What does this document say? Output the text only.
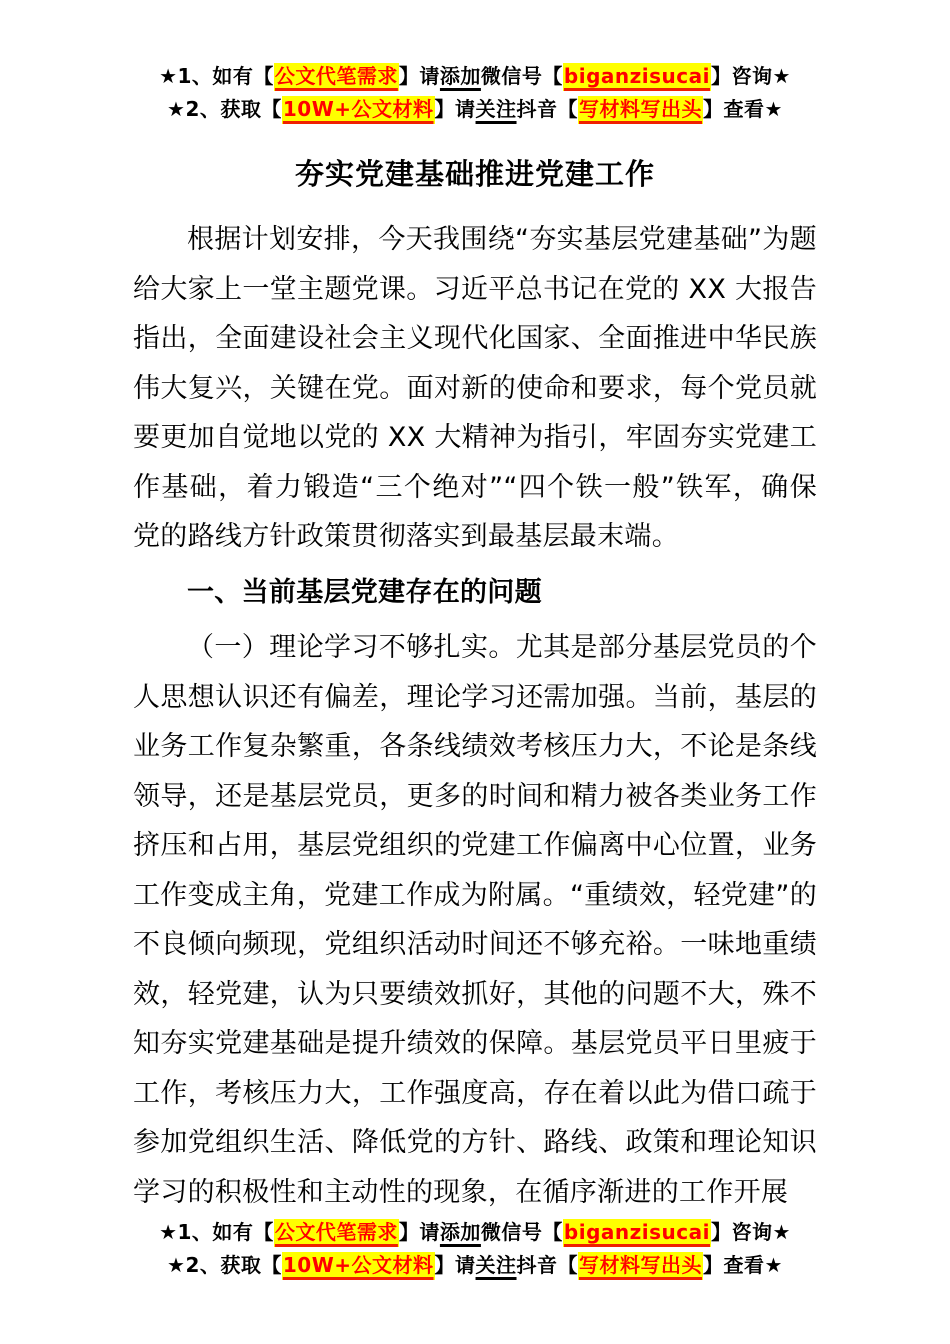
★1、如有【公文代笔需求】请添加微信号【biganzisucai】咨询★
★2、获取【10W+公文材料】请关注抖音【写材料写出头】查看★
夯实党建基础推进党建工作

根据计划安排，今天我围绕“夯实基层党建基础”为题给大家上一堂主题党课。习近平总书记在党的 XX 大报告指出，全面建设社会主义现代化国家、全面推进中华民族伟大复兴，关键在党。面对新的使命和要求，每个党员就要更加自觉地以党的 XX 大精神为指引，牢固夯实党建工作基础，着力锻造“三个绝对”“四个铁一般”铁军，确保党的路线方针政策贯彻落实到最基层最末端。

一、当前基层党建存在的问题

（一）理论学习不够扎实。尤其是部分基层党员的个人思想认识还有偏差，理论学习还需加强。当前，基层的业务工作复杂繁重，各条线绩效考核压力大，不论是条线领导，还是基层党员，更多的时间和精力被各类业务工作挤压和占用，基层党组织的党建工作偏离中心位置，业务工作变成主角，党建工作成为附属。“重绩效，轻党建”的不良倾向频现，党组织活动时间还不够充裕。一味地重绩效，轻党建，认为只要绩效抓好，其他的问题不大，殊不知夯实党建基础是提升绩效的保障。基层党员平日里疲于工作，考核压力大，工作强度高，存在着以此为借口疏于参加党组织生活、降低党的方针、路线、政策和理论知识学习的积极性和主动性的现象，在循序渐进的工作开展

★1、如有【公文代笔需求】请添加微信号【biganzisucai】咨询★
★2、获取【10W+公文材料】请关注抖音【写材料写出头】查看★
